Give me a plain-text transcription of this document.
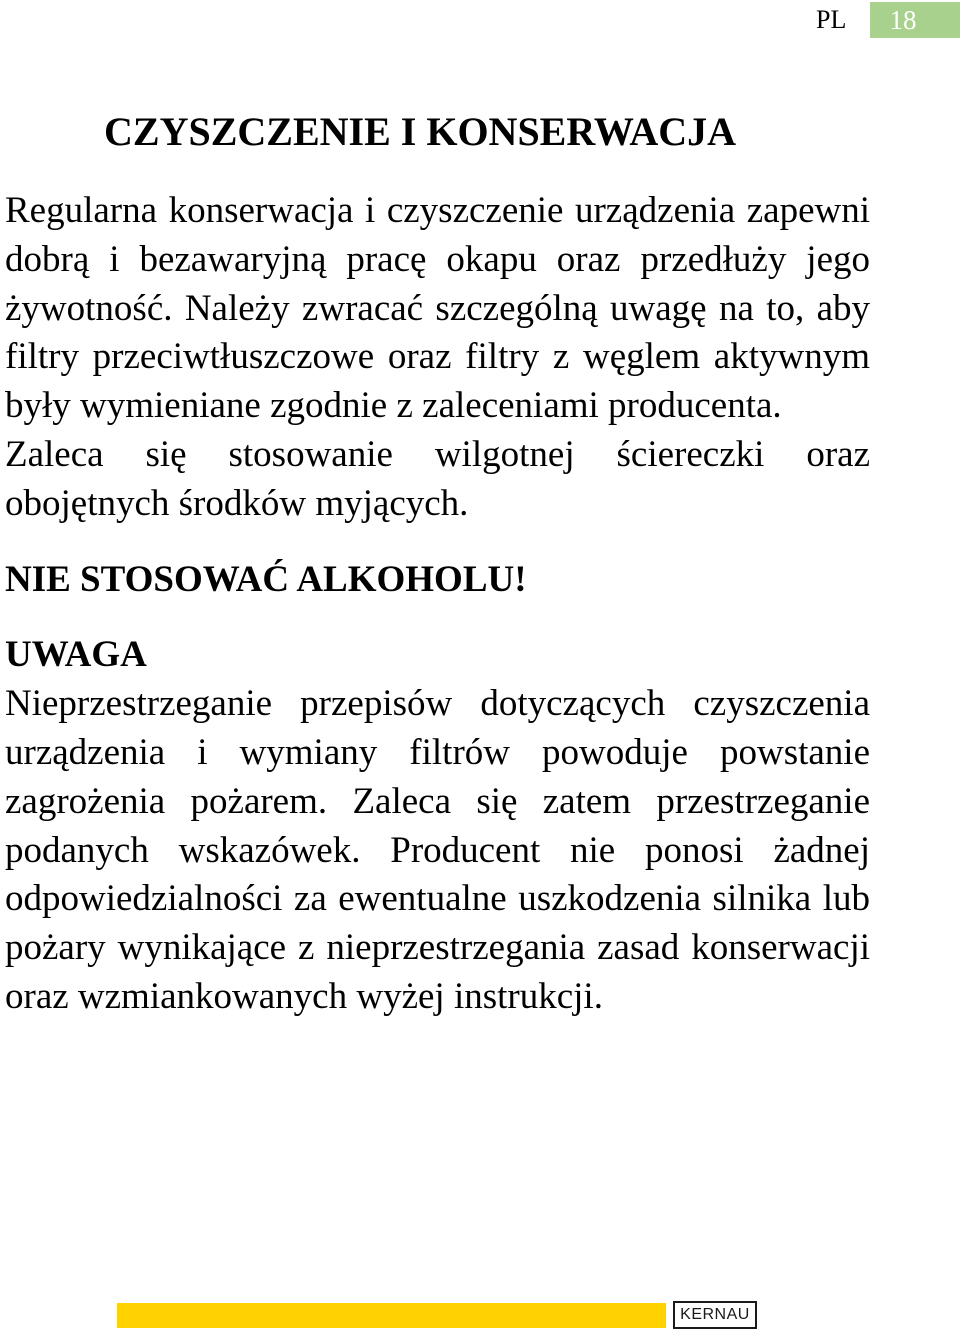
PL	18
CZYSZCZENIE I KONSERWACJA

Regularna konserwacja i czyszczenie urządzenia zapewni dobrą i bezawaryjną pracę okapu oraz przedłuży jego żywotność. Należy zwracać szczególną uwagę na to, aby filtry przeciwtłuszczowe oraz filtry z węglem aktywnym były wymieniane zgodnie z zaleceniami producenta.

Zaleca się stosowanie wilgotnej ściereczki oraz obojętnych środków myjących.

NIE STOSOWAĆ ALKOHOLU!

UWAGA

Nieprzestrzeganie przepisów dotyczących czyszczenia urządzenia i wymiany filtrów powoduje powstanie zagrożenia pożarem. Zaleca się zatem przestrzeganie podanych wskazówek. Producent nie ponosi żadnej odpowiedzialności za ewentualne uszkodzenia silnika lub pożary wynikające z nieprzestrzegania zasad konserwacji oraz wzmiankowanych wyżej instrukcji.

KERNAU
